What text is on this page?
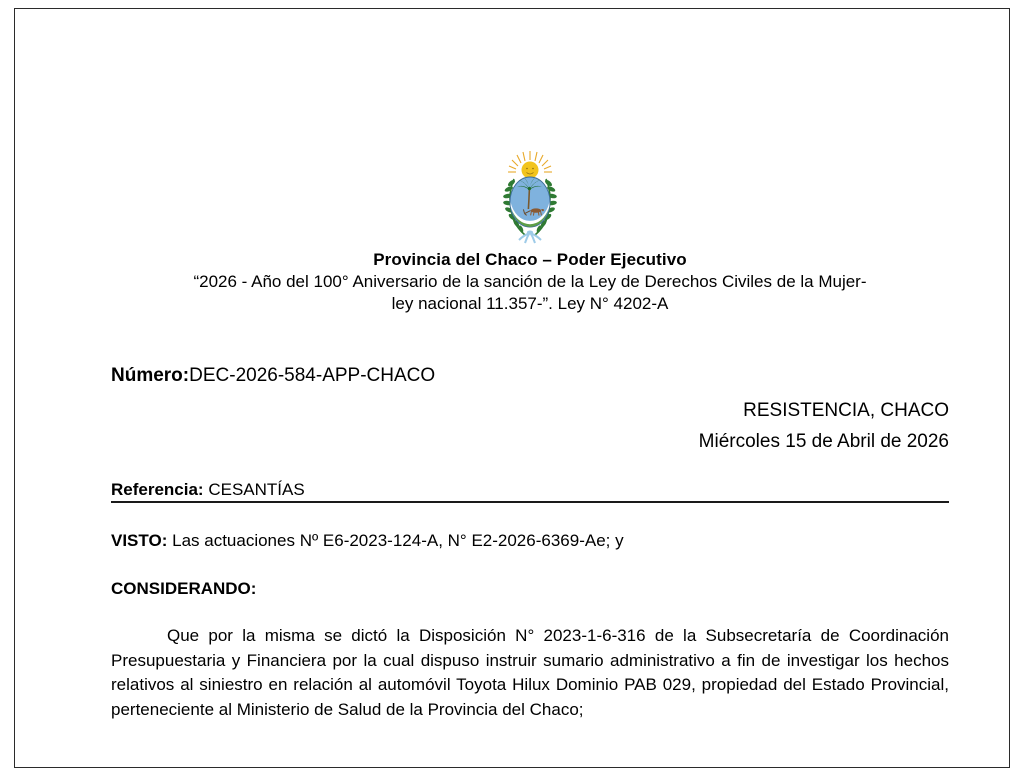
Provincia del Chaco – Poder Ejecutivo
“2026 - Año del 100° Aniversario de la sanción de la Ley de Derechos Civiles de la Mujer-
ley nacional 11.357-”. Ley N° 4202-A
Número:DEC-2026-584-APP-CHACO
RESISTENCIA, CHACO
Miércoles 15 de Abril de 2026
Referencia: CESANTÍAS
VISTO: Las actuaciones Nº E6-2023-124-A, N° E2-2026-6369-Ae; y
CONSIDERANDO:
Que por la misma se dictó la Disposición N° 2023-1-6-316 de la Subsecretaría de Coordinación Presupuestaria y Financiera por la cual dispuso instruir sumario administrativo a fin de investigar los hechos relativos al siniestro en relación al automóvil Toyota Hilux Dominio PAB 029, propiedad del Estado Provincial, perteneciente al Ministerio de Salud de la Provincia del Chaco;
